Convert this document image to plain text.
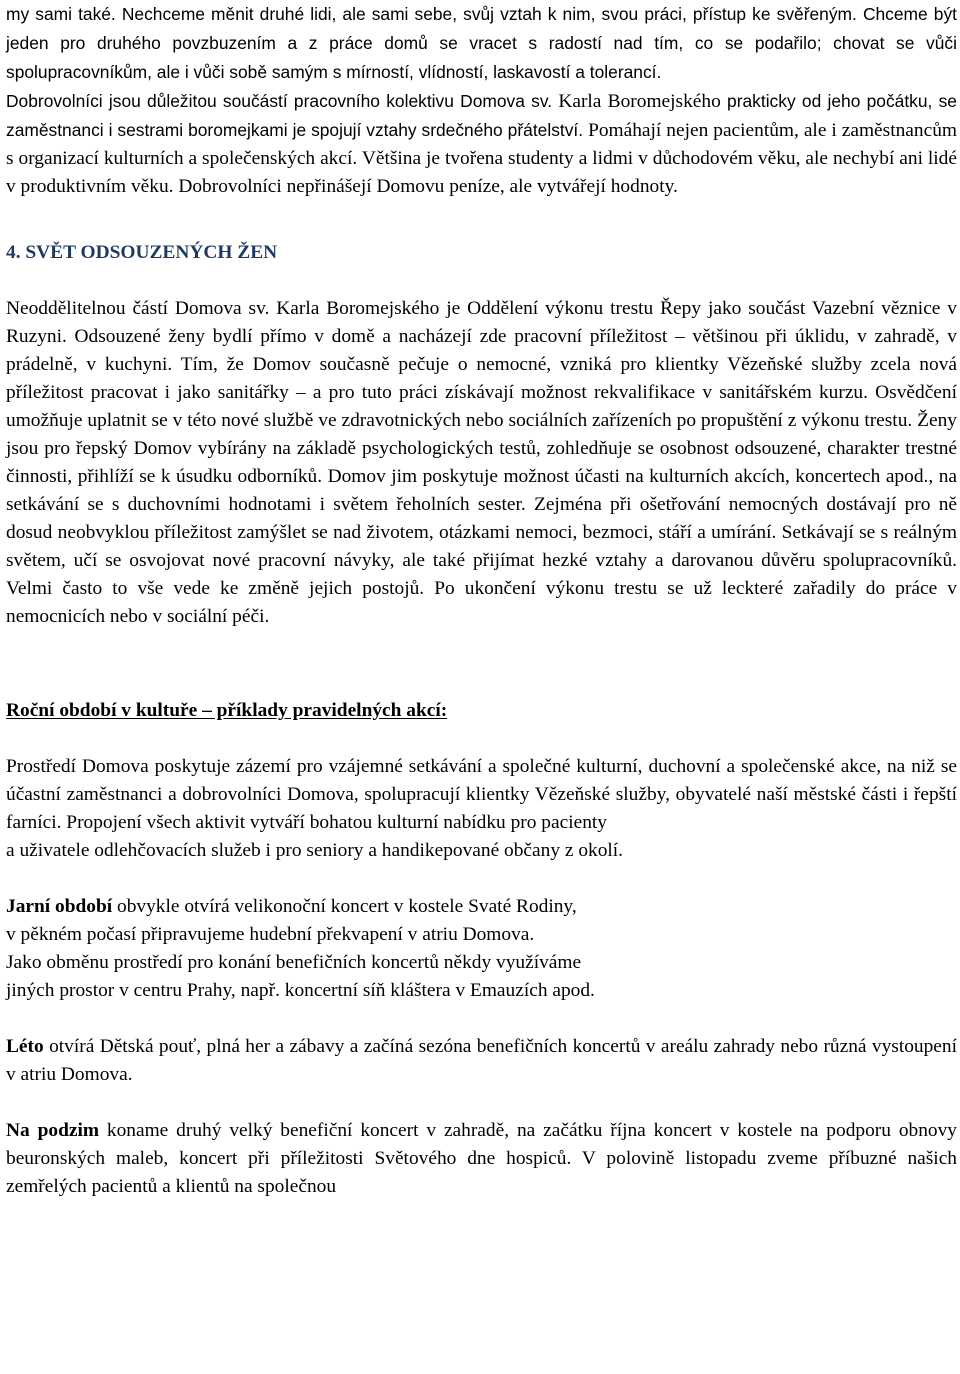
my sami také. Nechceme měnit druhé lidi, ale sami sebe, svůj vztah k nim, svou práci, přístup ke svěřeným. Chceme být jeden pro druhého povzbuzením a z práce domů se vracet s radostí nad tím, co se podařilo; chovat se vůči spolupracovníkům, ale i vůči sobě samým s mírností, vlídností, laskavostí a tolerancí.

Dobrovolníci jsou důležitou součástí pracovního kolektivu Domova sv. Karla Boromejského prakticky od jeho počátku, se zaměstnanci i sestrami boromejkami je spojují vztahy srdečného přátelství. Pomáhají nejen pacientům, ale i zaměstnancům s organizací kulturních a společenských akcí. Většina je tvořena studenty a lidmi v důchodovém věku, ale nechybí ani lidé v produktivním věku. Dobrovolníci nepřinášejí Domovu peníze, ale vytvářejí hodnoty.

4. SVĚT ODSOUZENÝCH ŽEN

Neoddělitelnou částí Domova sv. Karla Boromejského je Oddělení výkonu trestu Řepy jako součást Vazební věznice v Ruzyni. Odsouzené ženy bydlí přímo v domě a nacházejí zde pracovní příležitost – většinou při úklidu, v zahradě, v prádelně, v kuchyni. Tím, že Domov současně pečuje o nemocné, vzniká pro klientky Vězeňské služby zcela nová příležitost pracovat i jako sanitářky – a pro tuto práci získávají možnost rekvalifikace v sanitářském kurzu. Osvědčení umožňuje uplatnit se v této nové službě ve zdravotnických nebo sociálních zařízeních po propuštění z výkonu trestu. Ženy jsou pro řepský Domov vybírány na základě psychologických testů, zohledňuje se osobnost odsouzené, charakter trestné činnosti, přihlíží se k úsudku odborníků. Domov jim poskytuje možnost účasti na kulturních akcích, koncertech apod., na setkávání se s duchovními hodnotami i světem řeholních sester. Zejména při ošetřování nemocných dostávají pro ně dosud neobvyklou příležitost zamýšlet se nad životem, otázkami nemoci, bezmoci, stáří a umírání. Setkávají se s reálným světem, učí se osvojovat nové pracovní návyky, ale také přijímat hezké vztahy a darovanou důvěru spolupracovníků. Velmi často to vše vede ke změně jejich postojů. Po ukončení výkonu trestu se už leckteré zařadily do práce v nemocnicích nebo v sociální péči.

Roční období v kultuře – příklady pravidelných akcí:

Prostředí Domova poskytuje zázemí pro vzájemné setkávání a společné kulturní, duchovní a společenské akce, na niž se účastní zaměstnanci a dobrovolníci Domova, spolupracují klientky Vězeňské služby, obyvatelé naší městské části i řepští farníci. Propojení všech aktivit vytváří bohatou kulturní nabídku pro pacienty

a uživatele odlehčovacích služeb i pro seniory a handikepované občany z okolí.

Jarní období obvykle otvírá velikonoční koncert v kostele Svaté Rodiny,
v pěkném počasí připravujeme hudební překvapení v atriu Domova.
Jako obměnu prostředí pro konání benefičních koncertů někdy využíváme
jiných prostor v centru Prahy, např. koncertní síň kláštera v Emauzích apod.

Léto otvírá Dětská pouť, plná her a zábavy a začíná sezóna benefičních koncertů v areálu zahrady nebo různá vystoupení v atriu Domova.

Na podzim koname druhý velký benefiční koncert v zahradě, na začátku října koncert v kostele na podporu obnovy beuronských maleb, koncert při příležitosti Světového dne hospiců. V polovině listopadu zveme příbuzné našich zemřelých pacientů a klientů na společnou
